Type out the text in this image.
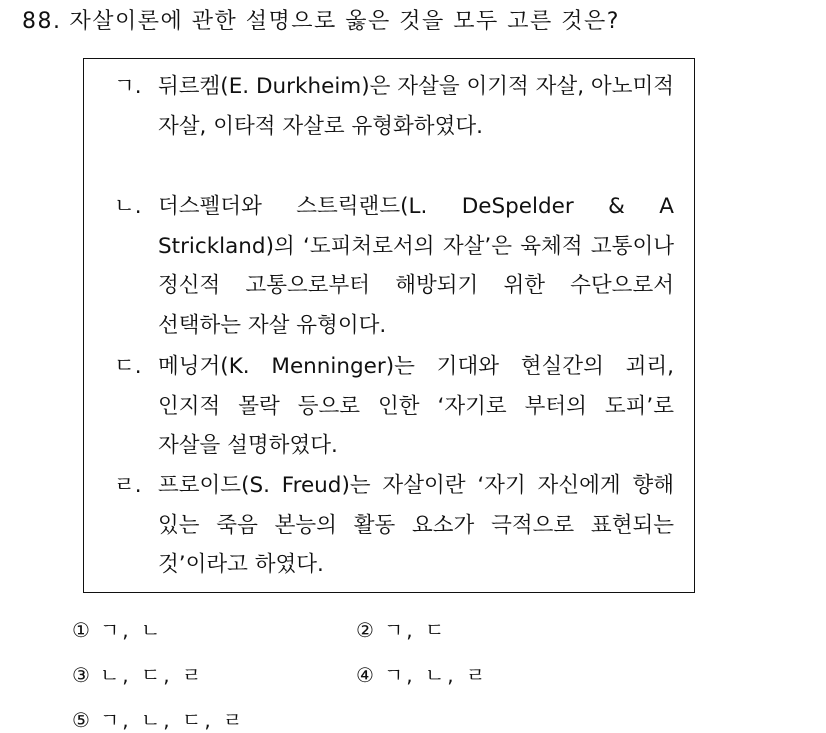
88. 자살이론에 관한 설명으로 옳은 것을 모두 고른 것은?
ㄱ. 뒤르켐(E. Durkheim)은 자살을 이기적 자살, 아노미적 자살, 이타적 자살로 유형화하였다.
ㄴ. 더스펠더와 스트릭랜드(L. DeSpelder & A Strickland)의 ‘도피처로서의 자살’은 육체적 고통이나 정신적 고통으로부터 해방되기 위한 수단으로서 선택하는 자살 유형이다.
ㄷ. 메닝거(K. Menninger)는 기대와 현실간의 괴리, 인지적 몰락 등으로 인한 ‘자기로 부터의 도피’로 자살을 설명하였다.
ㄹ. 프로이드(S. Freud)는 자살이란 ‘자기 자신에게 향해 있는 죽음 본능의 활동 요소가 극적으로 표현되는 것’이라고 하였다.
① ㄱ, ㄴ	② ㄱ, ㄷ
③ ㄴ, ㄷ, ㄹ	④ ㄱ, ㄴ, ㄹ
⑤ ㄱ, ㄴ, ㄷ, ㄹ
